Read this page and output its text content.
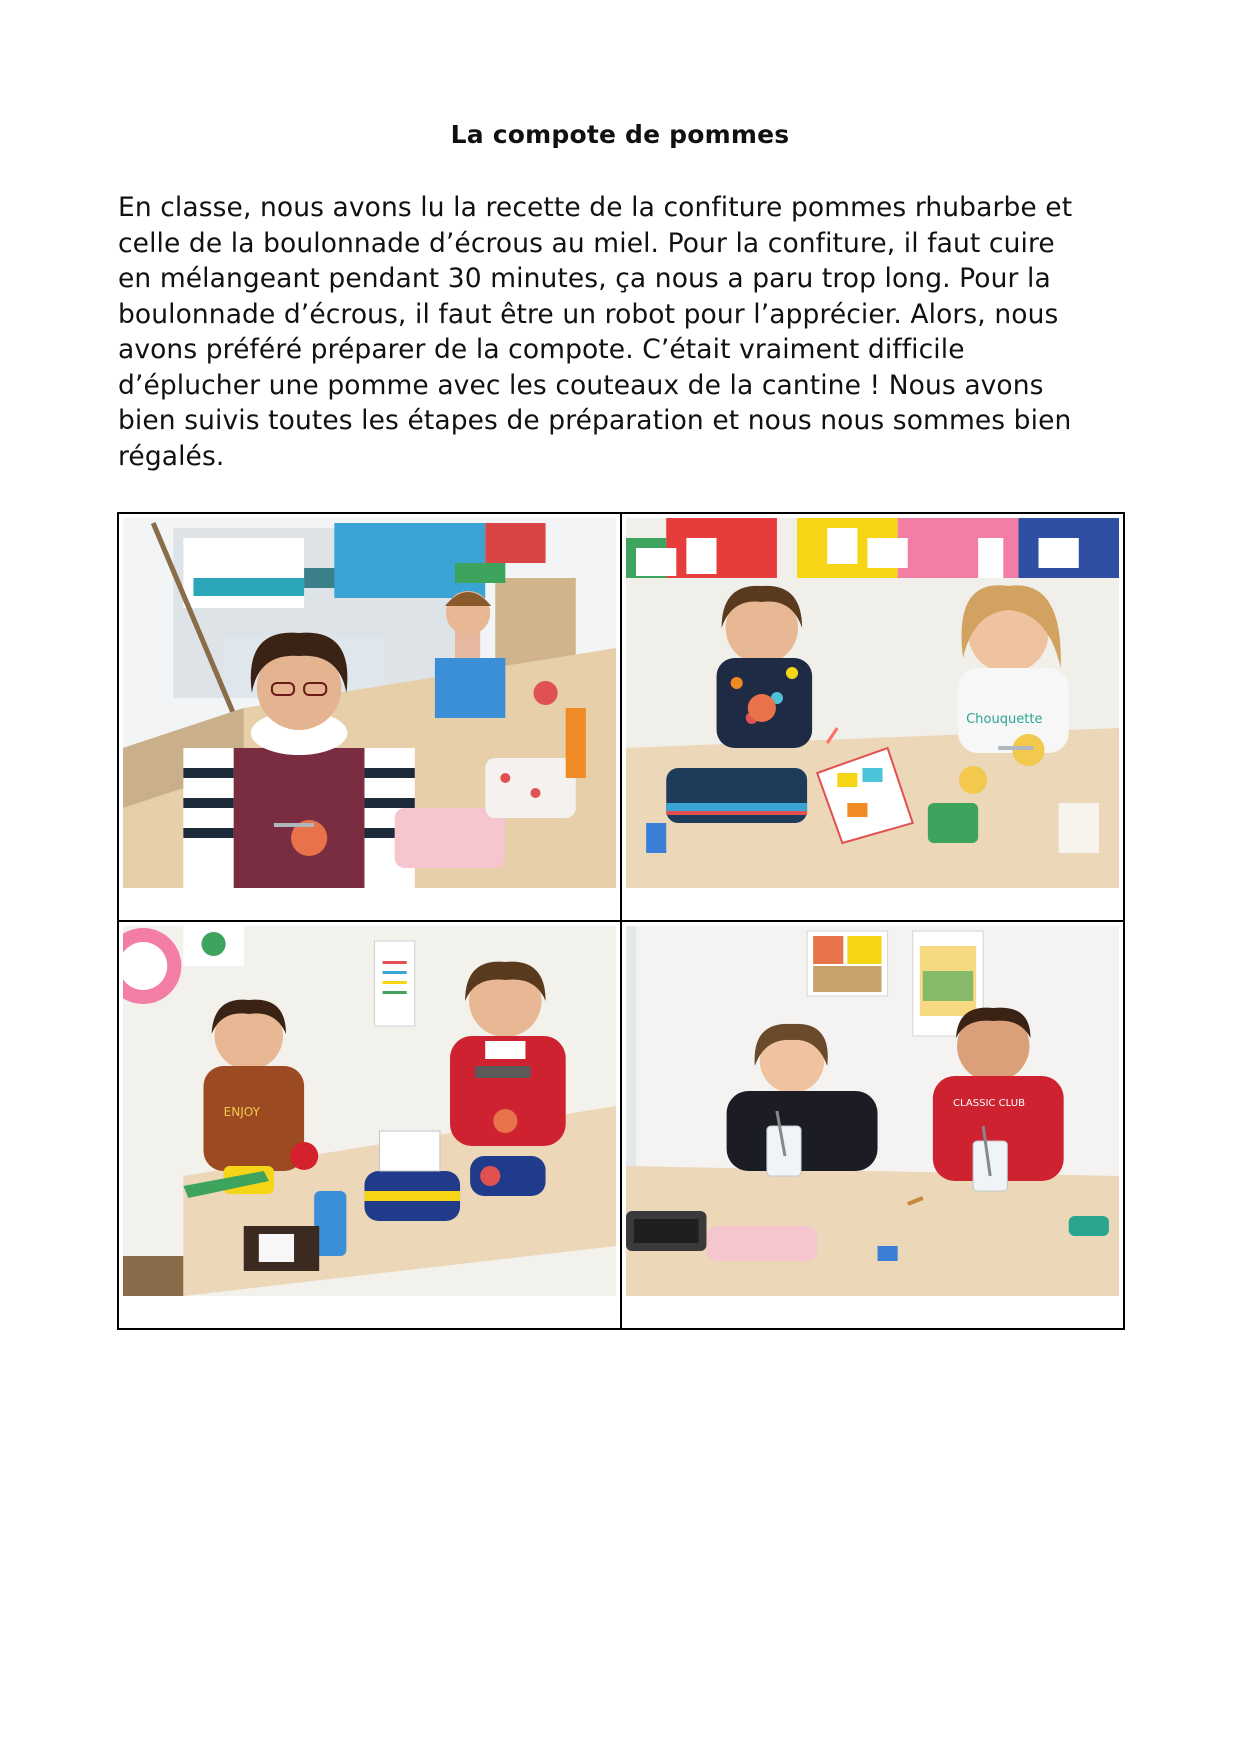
La compote de pommes
En classe, nous avons lu la recette de la confiture pommes rhubarbe et
celle de la boulonnade d’écrous au miel. Pour la confiture, il faut cuire
en mélangeant pendant 30 minutes, ça nous a paru trop long. Pour la
boulonnade d’écrous, il faut être un robot pour l’apprécier. Alors, nous
avons préféré préparer de la compote. C’était vraiment difficile
d’éplucher une pomme avec les couteaux de la cantine ! Nous avons
bien suivis toutes les étapes de préparation et nous nous sommes bien
régalés.

Chouquette

ENJOY	CLASSIC CLUB
